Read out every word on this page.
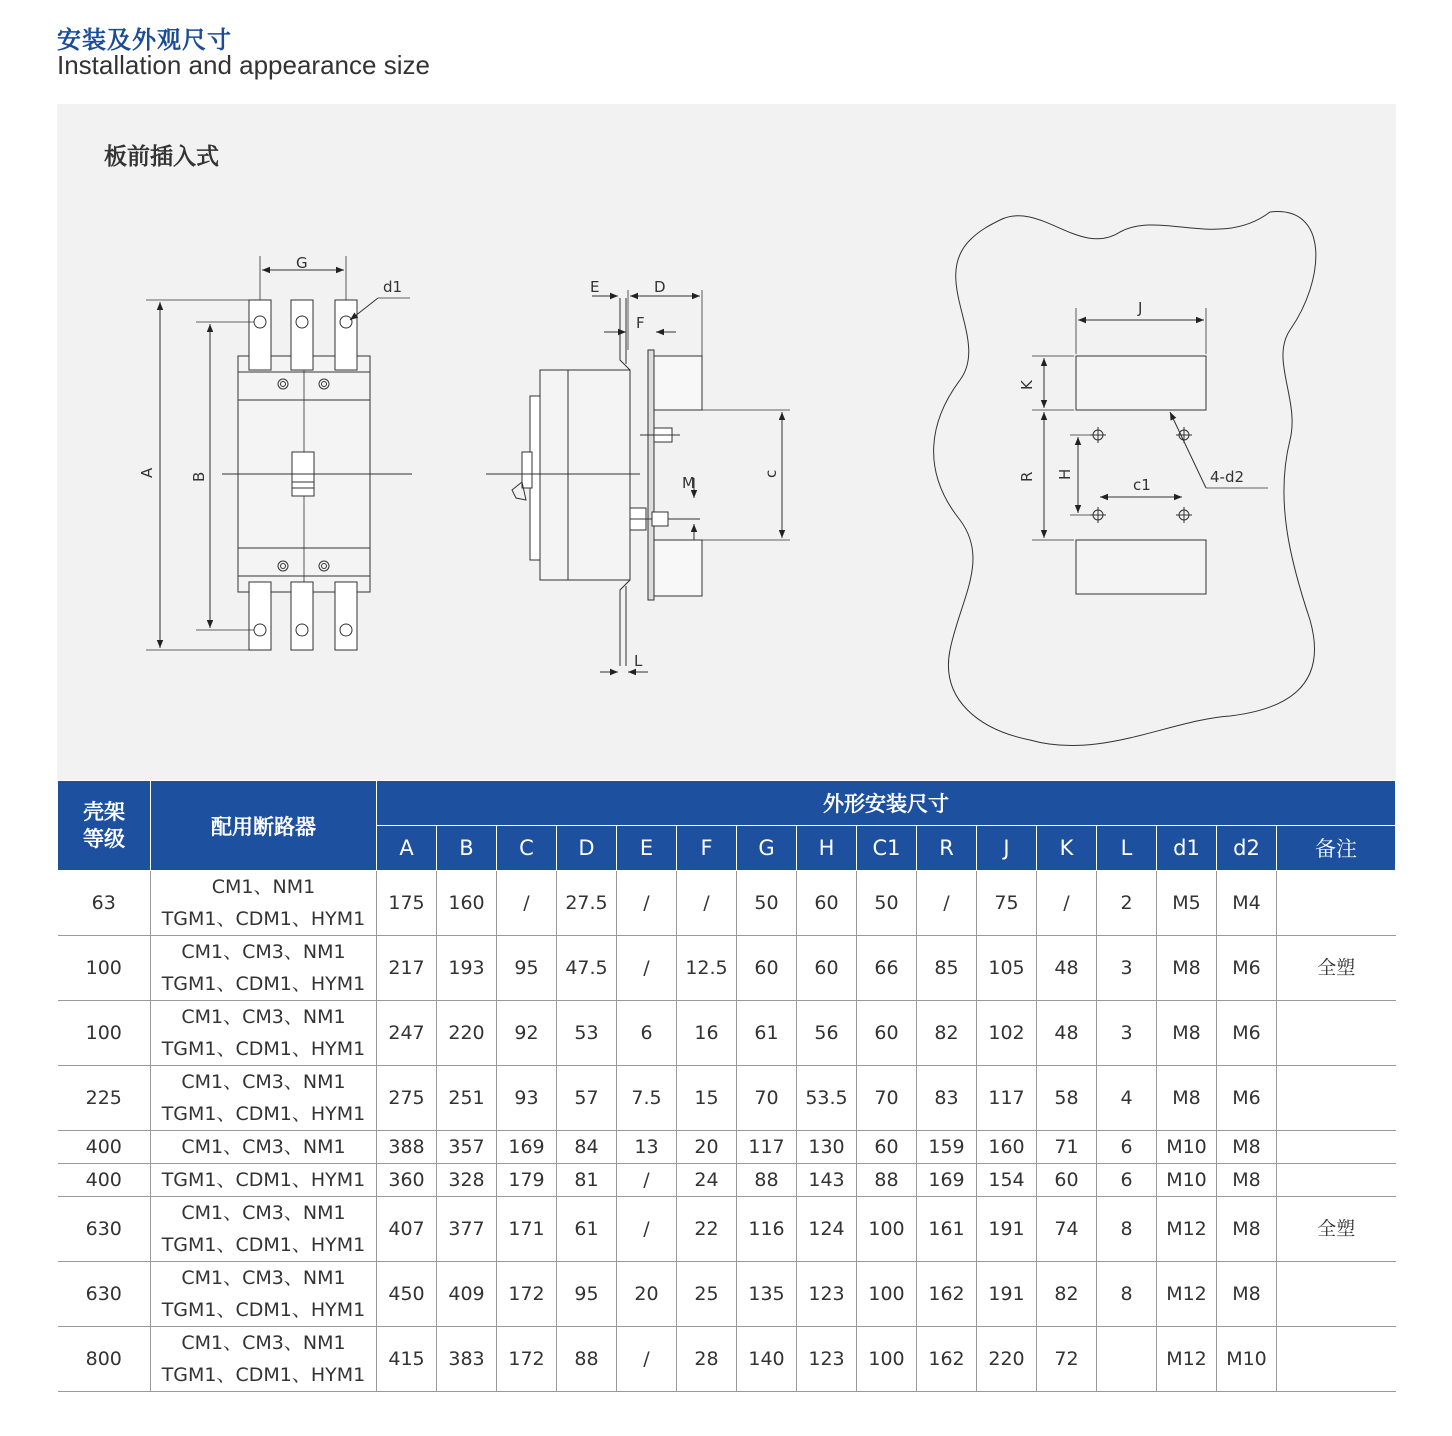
安装及外观尺寸
Installation and appearance size
板前插入式
G
d1
A B
E	D
F
M
c
L
J
K
R H
c1	4-d2
壳架
等级	配用断路器	外形安装尺寸															
		A	B	C	D	E	F	G	H	C1	R	J	K	L	d1	d2	备注
63	CM1、NM1
TGM1、CDM1、HYM1	175	160	/	27.5	/	/	50	60	50	/	75	/	2	M5	M4	
100	CM1、CM3、NM1
TGM1、CDM1、HYM1	217	193	95	47.5	/	12.5	60	60	66	85	105	48	3	M8	M6	全塑
100	CM1、CM3、NM1
TGM1、CDM1、HYM1	247	220	92	53	6	16	61	56	60	82	102	48	3	M8	M6	
225	CM1、CM3、NM1
TGM1、CDM1、HYM1	275	251	93	57	7.5	15	70	53.5	70	83	117	58	4	M8	M6	
400	CM1、CM3、NM1	388	357	169	84	13	20	117	130	60	159	160	71	6	M10	M8	
400	TGM1、CDM1、HYM1	360	328	179	81	/	24	88	143	88	169	154	60	6	M10	M8	
630	CM1、CM3、NM1
TGM1、CDM1、HYM1	407	377	171	61	/	22	116	124	100	161	191	74	8	M12	M8	全塑
630	CM1、CM3、NM1
TGM1、CDM1、HYM1	450	409	172	95	20	25	135	123	100	162	191	82	8	M12	M8	
800	CM1、CM3、NM1
TGM1、CDM1、HYM1	415	383	172	88	/	28	140	123	100	162	220	72		M12	M10	
